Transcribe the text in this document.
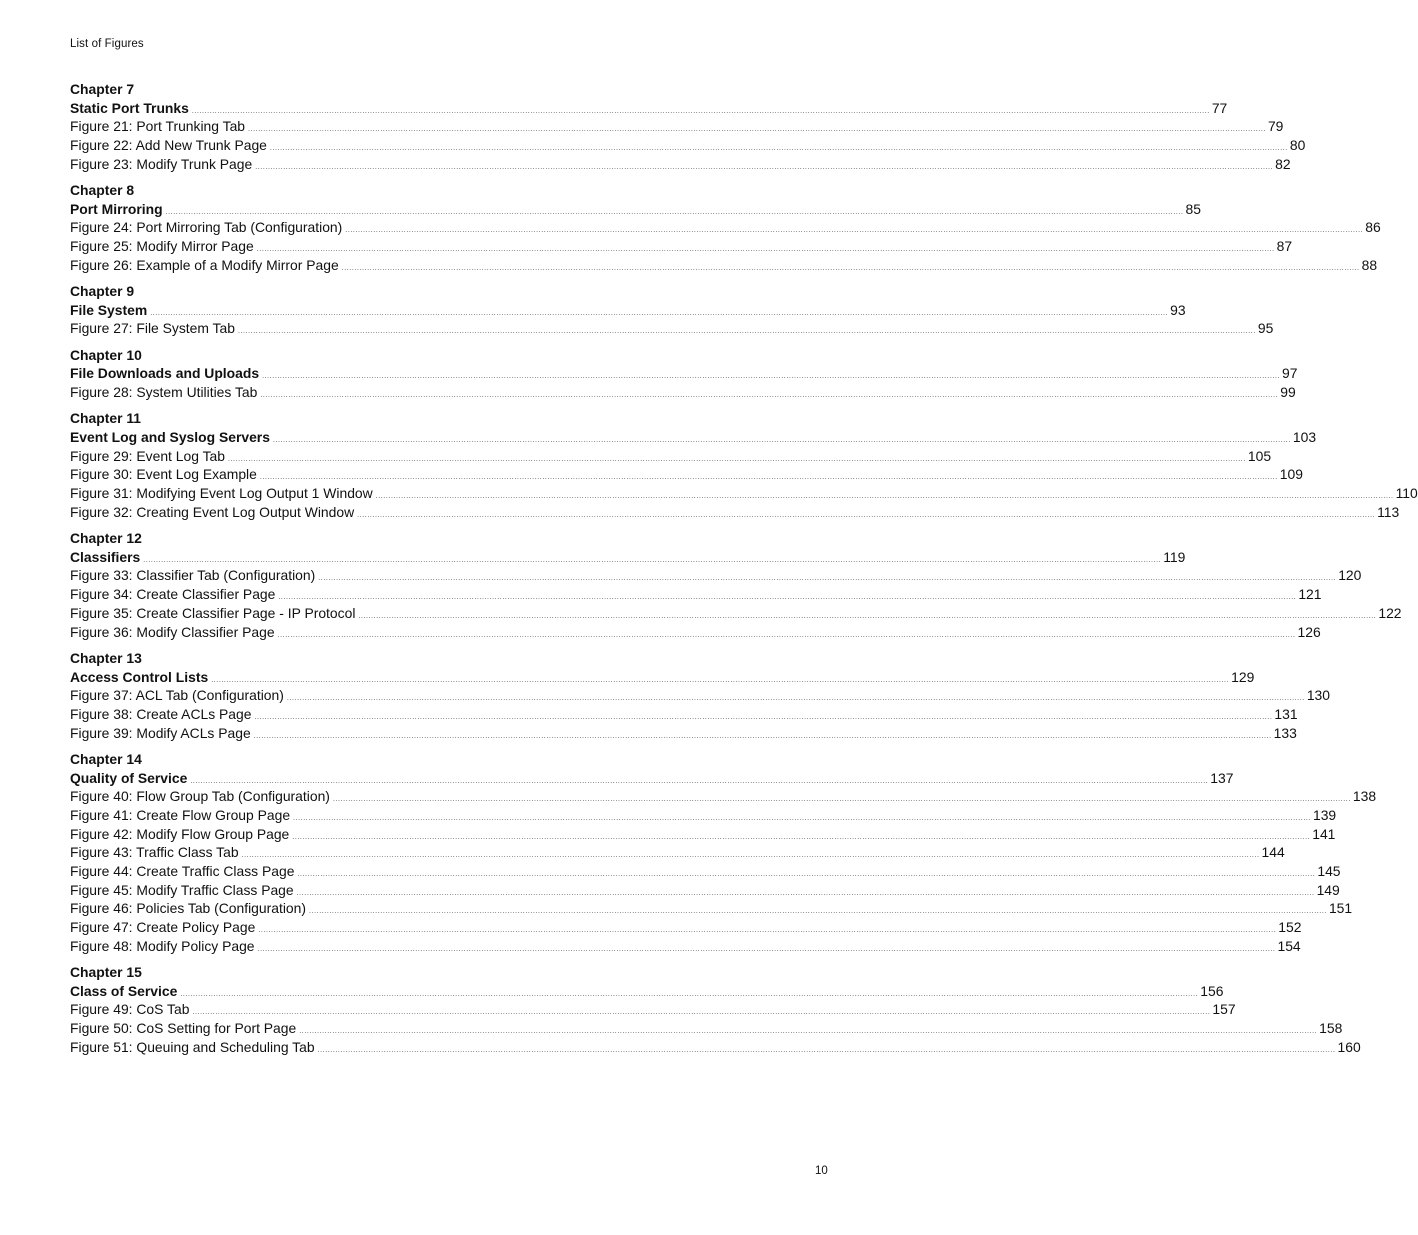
List of Figures
Chapter 7
Static Port Trunks ................................................................................................................................................................................................................................................................................................................................................................................................................ 77
Figure 21: Port Trunking Tab ................................................................................................................................................................................................................................................................................................................................................................................................................ 79
Figure 22: Add New Trunk Page ................................................................................................................................................................................................................................................................................................................................................................................................................ 80
Figure 23: Modify Trunk Page ................................................................................................................................................................................................................................................................................................................................................................................................................ 82
Chapter 8
Port Mirroring ................................................................................................................................................................................................................................................................................................................................................................................................................ 85
Figure 24: Port Mirroring Tab (Configuration) ................................................................................................................................................................................................................................................................................................................................................................................................................ 86
Figure 25: Modify Mirror Page ................................................................................................................................................................................................................................................................................................................................................................................................................ 87
Figure 26: Example of a Modify Mirror Page ................................................................................................................................................................................................................................................................................................................................................................................................................ 88
Chapter 9
File System ................................................................................................................................................................................................................................................................................................................................................................................................................ 93
Figure 27: File System Tab ................................................................................................................................................................................................................................................................................................................................................................................................................ 95
Chapter 10
File Downloads and Uploads ................................................................................................................................................................................................................................................................................................................................................................................................................ 97
Figure 28: System Utilities Tab ................................................................................................................................................................................................................................................................................................................................................................................................................ 99
Chapter 11
Event Log and Syslog Servers ................................................................................................................................................................................................................................................................................................................................................................................................................ 103
Figure 29: Event Log Tab ................................................................................................................................................................................................................................................................................................................................................................................................................ 105
Figure 30: Event Log Example ................................................................................................................................................................................................................................................................................................................................................................................................................ 109
Figure 31: Modifying Event Log Output 1 Window ................................................................................................................................................................................................................................................................................................................................................................................................................ 110
Figure 32: Creating Event Log Output Window ................................................................................................................................................................................................................................................................................................................................................................................................................ 113
Chapter 12
Classifiers ................................................................................................................................................................................................................................................................................................................................................................................................................ 119
Figure 33: Classifier Tab (Configuration) ................................................................................................................................................................................................................................................................................................................................................................................................................ 120
Figure 34: Create Classifier Page ................................................................................................................................................................................................................................................................................................................................................................................................................ 121
Figure 35: Create Classifier Page - IP Protocol ................................................................................................................................................................................................................................................................................................................................................................................................................ 122
Figure 36: Modify Classifier Page ................................................................................................................................................................................................................................................................................................................................................................................................................ 126
Chapter 13
Access Control Lists ................................................................................................................................................................................................................................................................................................................................................................................................................ 129
Figure 37: ACL Tab (Configuration) ................................................................................................................................................................................................................................................................................................................................................................................................................ 130
Figure 38: Create ACLs Page ................................................................................................................................................................................................................................................................................................................................................................................................................ 131
Figure 39: Modify ACLs Page ................................................................................................................................................................................................................................................................................................................................................................................................................ 133
Chapter 14
Quality of Service ................................................................................................................................................................................................................................................................................................................................................................................................................ 137
Figure 40: Flow Group Tab (Configuration) ................................................................................................................................................................................................................................................................................................................................................................................................................ 138
Figure 41: Create Flow Group Page ................................................................................................................................................................................................................................................................................................................................................................................................................ 139
Figure 42: Modify Flow Group Page ................................................................................................................................................................................................................................................................................................................................................................................................................ 141
Figure 43: Traffic Class Tab ................................................................................................................................................................................................................................................................................................................................................................................................................ 144
Figure 44: Create Traffic Class Page ................................................................................................................................................................................................................................................................................................................................................................................................................ 145
Figure 45: Modify Traffic Class Page ................................................................................................................................................................................................................................................................................................................................................................................................................ 149
Figure 46: Policies Tab (Configuration) ................................................................................................................................................................................................................................................................................................................................................................................................................ 151
Figure 47: Create Policy Page ................................................................................................................................................................................................................................................................................................................................................................................................................ 152
Figure 48: Modify Policy Page ................................................................................................................................................................................................................................................................................................................................................................................................................ 154
Chapter 15
Class of Service ................................................................................................................................................................................................................................................................................................................................................................................................................ 156
Figure 49: CoS Tab ................................................................................................................................................................................................................................................................................................................................................................................................................ 157
Figure 50: CoS Setting for Port Page ................................................................................................................................................................................................................................................................................................................................................................................................................ 158
Figure 51: Queuing and Scheduling Tab ................................................................................................................................................................................................................................................................................................................................................................................................................ 160
10
